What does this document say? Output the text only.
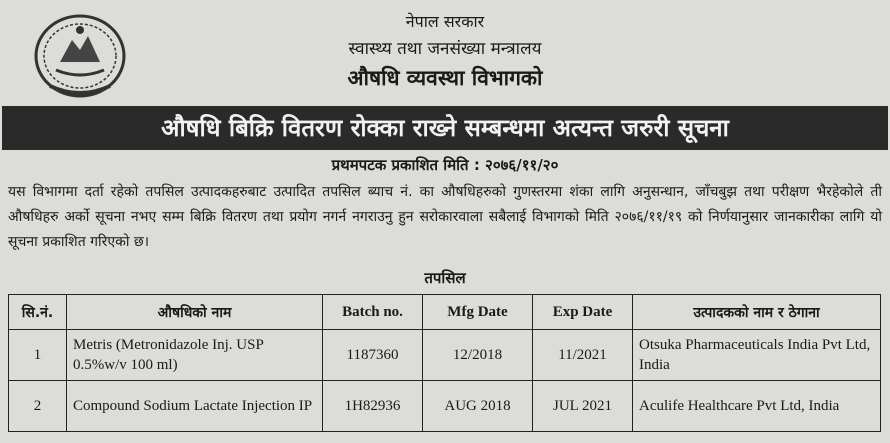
नेपाल सरकार
स्वास्थ्य तथा जनसंख्या मन्त्रालय
औषधि व्यवस्था विभागको
औषधि बिक्रि वितरण रोक्का राख्ने सम्बन्धमा अत्यन्त जरुरी सूचना
प्रथमपटक प्रकाशित मिति : २०७६/११/२०
यस विभागमा दर्ता रहेको तपसिल उत्पादकहरुबाट उत्पादित तपसिल ब्याच नं. का औषधिहरुको गुणस्तरमा शंका लागि अनुसन्धान, जाँचबुझ तथा परीक्षण भैरहेकोले ती औषधिहरु अर्को सूचना नभए सम्म बिक्रि वितरण तथा प्रयोग नगर्न नगराउनु हुन सरोकारवाला सबैलाई विभागको मिति २०७६/११/१९ को निर्णयानुसार जानकारीका लागि यो सूचना प्रकाशित गरिएको छ।
तपसिल
सि.नं.	औषधिको नाम	Batch no.	Mfg Date	Exp Date	उत्पादकको नाम र ठेगाना
1	Metris (Metronidazole Inj. USP 0.5%w/v 100 ml)	1187360	12/2018	11/2021	Otsuka Pharmaceuticals India Pvt Ltd, India
2	Compound Sodium Lactate Injection IP	1H82936	AUG 2018	JUL 2021	Aculife Healthcare Pvt Ltd, India
